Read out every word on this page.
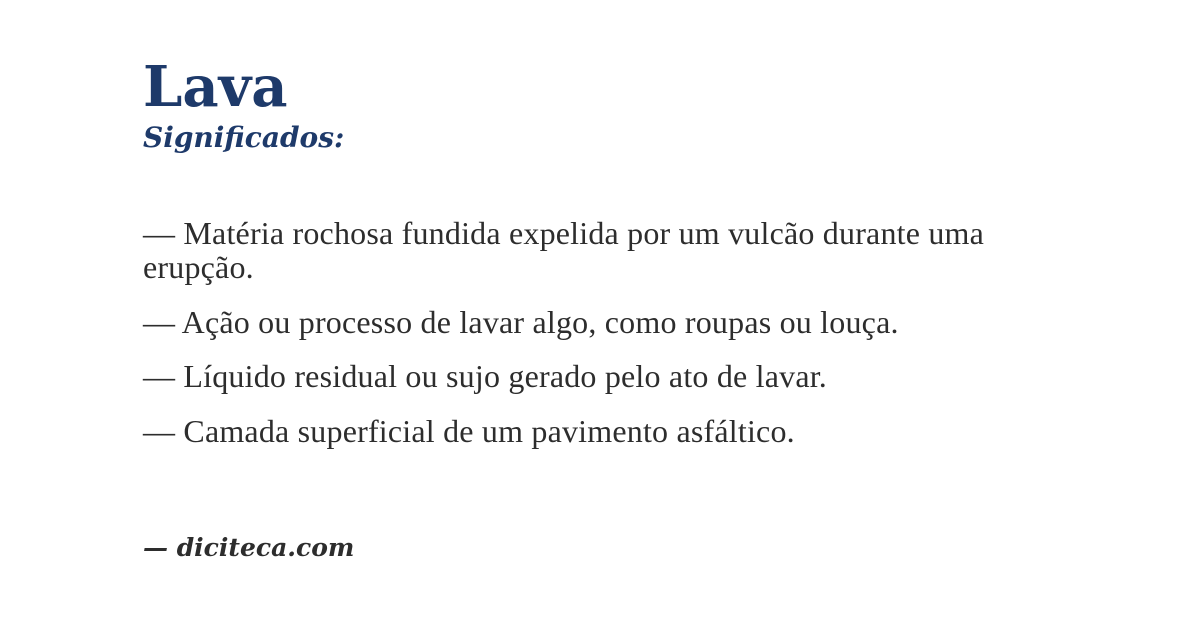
Lava
Significados:

— Matéria rochosa fundida expelida por um vulcão durante uma erupção.

— Ação ou processo de lavar algo, como roupas ou louça.

— Líquido residual ou sujo gerado pelo ato de lavar.

— Camada superficial de um pavimento asfáltico.

— diciteca.com
